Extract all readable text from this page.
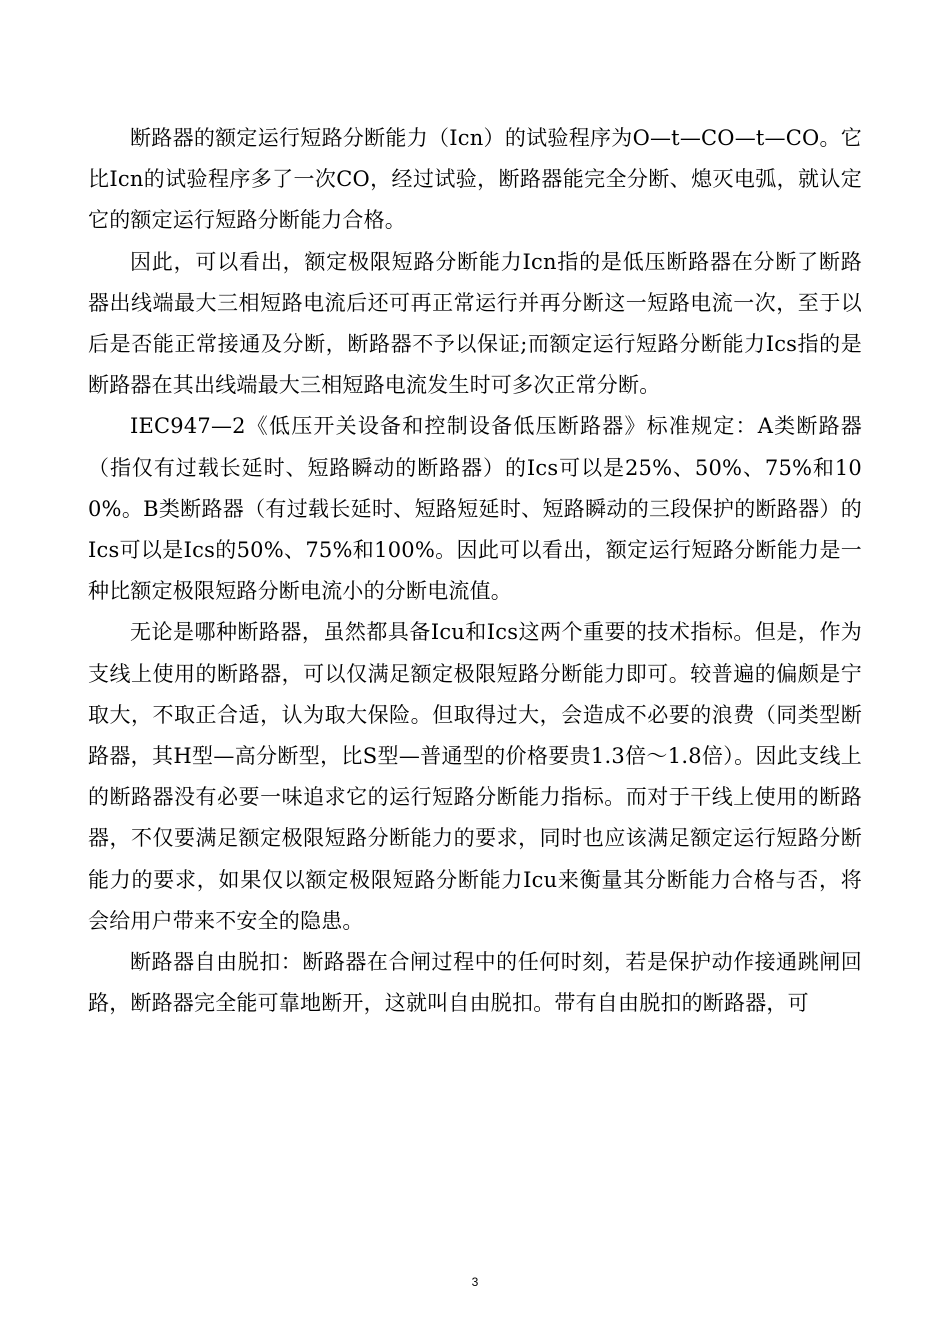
断路器的额定运行短路分断能力（Icn）的试验程序为O—t—CO—t—CO。它比Icn的试验程序多了一次CO，经过试验，断路器能完全分断、熄灭电弧，就认定它的额定运行短路分断能力合格。

因此，可以看出，额定极限短路分断能力Icn指的是低压断路器在分断了断路器出线端最大三相短路电流后还可再正常运行并再分断这一短路电流一次，至于以后是否能正常接通及分断，断路器不予以保证;而额定运行短路分断能力Ics指的是断路器在其出线端最大三相短路电流发生时可多次正常分断。

IEC947—2《低压开关设备和控制设备低压断路器》标准规定：A类断路器（指仅有过载长延时、短路瞬动的断路器）的Ics可以是25%、50%、75%和100%。B类断路器（有过载长延时、短路短延时、短路瞬动的三段保护的断路器）的Ics可以是Ics的50%、75%和100%。因此可以看出，额定运行短路分断能力是一种比额定极限短路分断电流小的分断电流值。

无论是哪种断路器，虽然都具备Icu和Ics这两个重要的技术指标。但是，作为支线上使用的断路器，可以仅满足额定极限短路分断能力即可。较普遍的偏颇是宁取大，不取正合适，认为取大保险。但取得过大，会造成不必要的浪费（同类型断路器，其H型—高分断型，比S型—普通型的价格要贵1.3倍～1.8倍）。因此支线上的断路器没有必要一味追求它的运行短路分断能力指标。而对于干线上使用的断路器，不仅要满足额定极限短路分断能力的要求，同时也应该满足额定运行短路分断能力的要求，如果仅以额定极限短路分断能力Icu来衡量其分断能力合格与否，将会给用户带来不安全的隐患。

断路器自由脱扣：断路器在合闸过程中的任何时刻，若是保护动作接通跳闸回路，断路器完全能可靠地断开，这就叫自由脱扣。带有自由脱扣的断路器，可

3
